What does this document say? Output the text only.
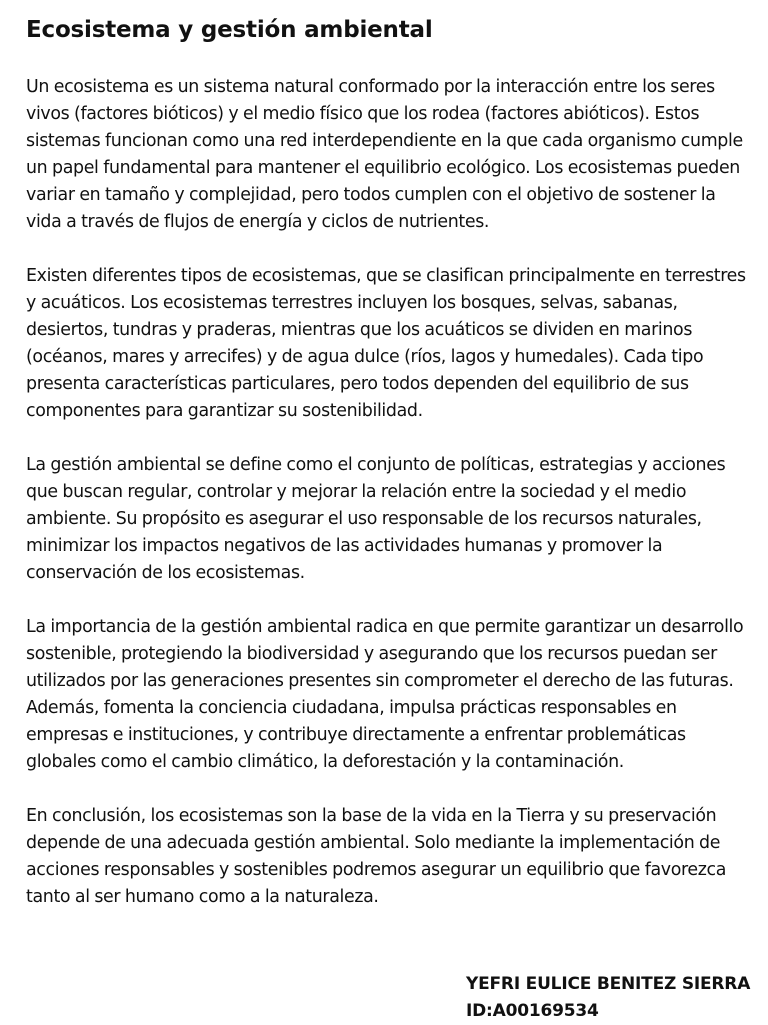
Ecosistema y gestión ambiental

Un ecosistema es un sistema natural conformado por la interacción entre los seres vivos (factores bióticos) y el medio físico que los rodea (factores abióticos). Estos sistemas funcionan como una red interdependiente en la que cada organismo cumple un papel fundamental para mantener el equilibrio ecológico. Los ecosistemas pueden variar en tamaño y complejidad, pero todos cumplen con el objetivo de sostener la vida a través de flujos de energía y ciclos de nutrientes.

Existen diferentes tipos de ecosistemas, que se clasifican principalmente en terrestres y acuáticos. Los ecosistemas terrestres incluyen los bosques, selvas, sabanas, desiertos, tundras y praderas, mientras que los acuáticos se dividen en marinos (océanos, mares y arrecifes) y de agua dulce (ríos, lagos y humedales). Cada tipo presenta características particulares, pero todos dependen del equilibrio de sus componentes para garantizar su sostenibilidad.

La gestión ambiental se define como el conjunto de políticas, estrategias y acciones que buscan regular, controlar y mejorar la relación entre la sociedad y el medio ambiente. Su propósito es asegurar el uso responsable de los recursos naturales, minimizar los impactos negativos de las actividades humanas y promover la conservación de los ecosistemas.

La importancia de la gestión ambiental radica en que permite garantizar un desarrollo sostenible, protegiendo la biodiversidad y asegurando que los recursos puedan ser utilizados por las generaciones presentes sin comprometer el derecho de las futuras. Además, fomenta la conciencia ciudadana, impulsa prácticas responsables en empresas e instituciones, y contribuye directamente a enfrentar problemáticas globales como el cambio climático, la deforestación y la contaminación.

En conclusión, los ecosistemas son la base de la vida en la Tierra y su preservación depende de una adecuada gestión ambiental. Solo mediante la implementación de acciones responsables y sostenibles podremos asegurar un equilibrio que favorezca tanto al ser humano como a la naturaleza.

YEFRI EULICE BENITEZ SIERRA
ID:A00169534
